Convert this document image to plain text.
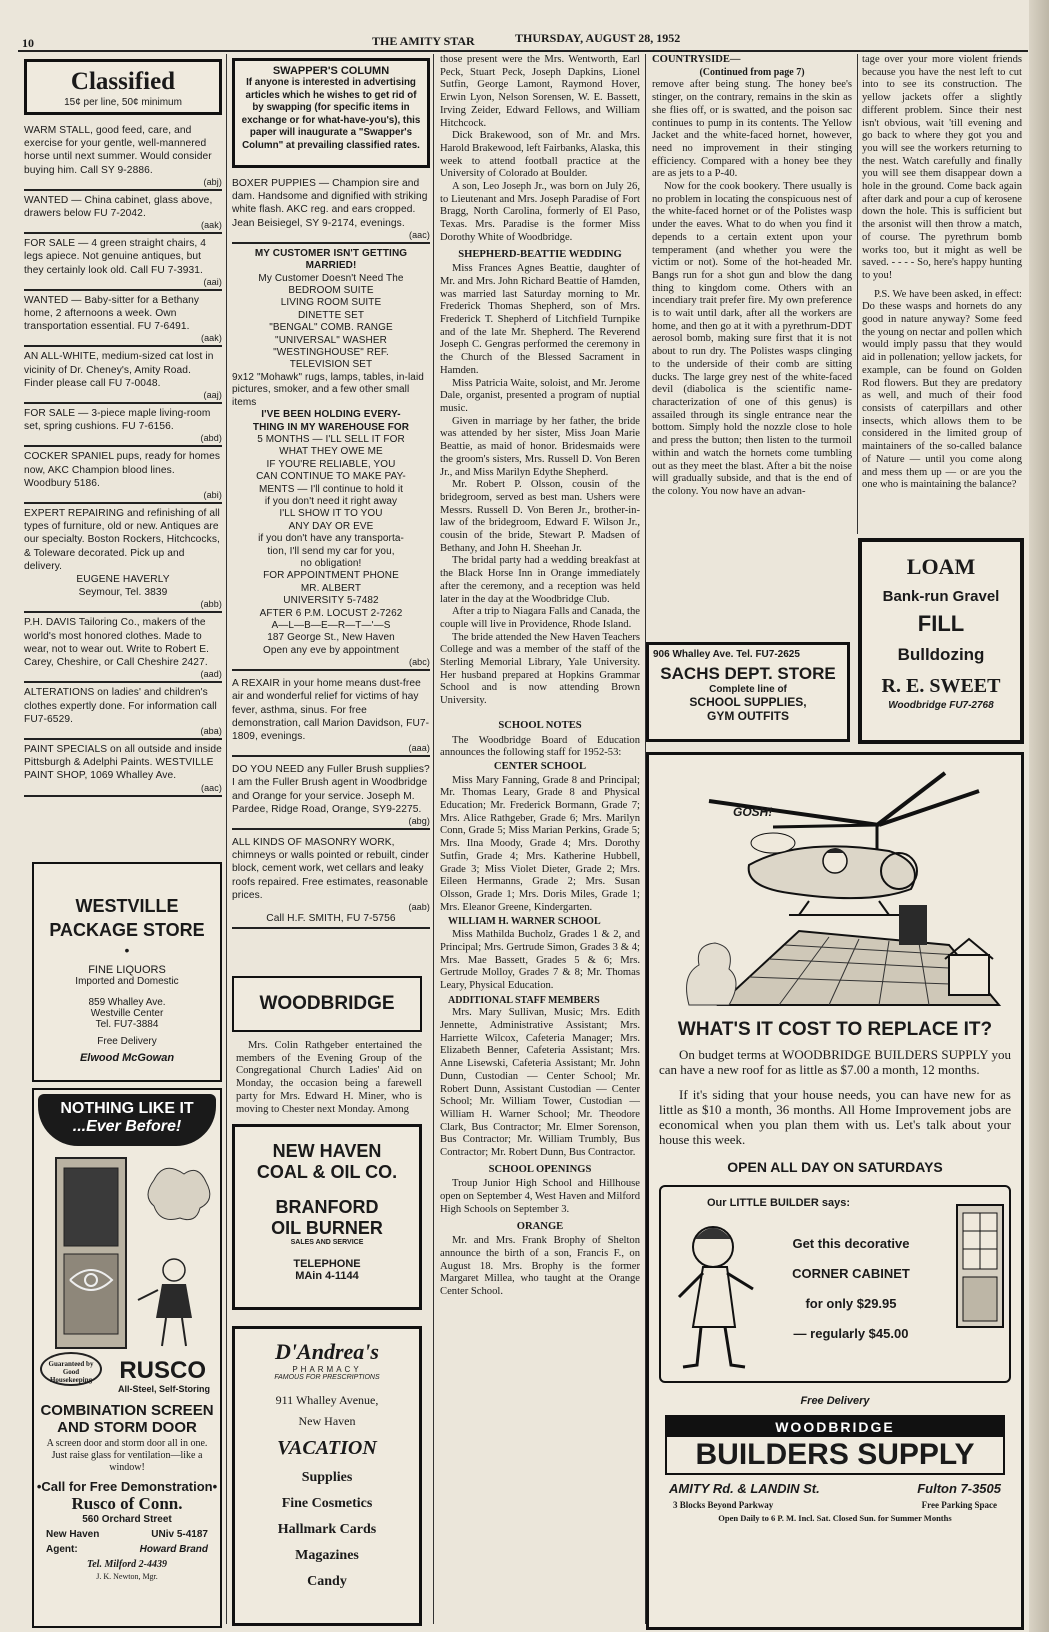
10	THE AMITY STAR	THURSDAY, AUGUST 28, 1952
Classified
15¢ per line, 50¢ minimum
WARM STALL, good feed, care, and exercise for your gentle, well-mannered horse until next summer. Would consider buying him. Call SY 9-2886.
(abj)
WANTED — China cabinet, glass above, drawers below FU 7-2042.
(aak)
FOR SALE — 4 green straight chairs, 4 legs apiece. Not genuine antiques, but they certainly look old. Call FU 7-3931.
(aai)
WANTED — Baby-sitter for a Bethany home, 2 afternoons a week. Own transportation essential. FU 7-6491.
(aak)
AN ALL-WHITE, medium-sized cat lost in vicinity of Dr. Cheney's, Amity Road. Finder please call FU 7-0048.
(aaj)
FOR SALE — 3-piece maple living-room set, spring cushions. FU 7-6156.
(abd)
COCKER SPANIEL pups, ready for homes now, AKC Champion blood lines. Woodbury 5186.
(abi)
EXPERT REPAIRING and refinishing of all types of furniture, old or new. Antiques are our specialty. Boston Rockers, Hitchcocks, & Toleware decorated. Pick up and delivery.
EUGENE HAVERLY
Seymour, Tel. 3839
(abb)
P.H. DAVIS Tailoring Co., makers of the world's most honored clothes. Made to wear, not to wear out. Write to Robert E. Carey, Cheshire, or Call Cheshire 2427.
(aad)
ALTERATIONS on ladies' and children's clothes expertly done. For information call FU7-6529.
(aba)
PAINT SPECIALS on all outside and inside Pittsburgh & Adelphi Paints. WESTVILLE PAINT SHOP, 1069 Whalley Ave.
(aac)
WESTVILLE
PACKAGE STORE
•
FINE LIQUORS
Imported and Domestic
859 Whalley Ave.
Westville Center
Tel. FU7-3884
Free Delivery
Elwood McGowan
NOTHING LIKE IT
...Ever Before!
Guaranteed by Good Housekeeping	RUSCO
All-Steel, Self-Storing
COMBINATION SCREEN
AND STORM DOOR
A screen door and storm door all in one. Just raise glass for ventilation—like a window!
•Call for Free Demonstration•
Rusco of Conn.
560 Orchard Street
New Haven	UNiv 5-4187
Agent:	Howard Brand
Tel. Milford 2-4439
J. K. Newton, Mgr.
SWAPPER'S COLUMN
If anyone is interested in advertising articles which he wishes to get rid of by swapping (for specific items in exchange or for what-have-you's), this paper will inaugurate a "Swapper's Column" at prevailing classified rates.
BOXER PUPPIES — Champion sire and dam. Handsome and dignified with striking white flash. AKC reg. and ears cropped. Jean Beisiegel, SY 9-2174, evenings.
(aac)
MY CUSTOMER ISN'T GETTING
MARRIED!
My Customer Doesn't Need The
BEDROOM SUITE
LIVING ROOM SUITE
DINETTE SET
"BENGAL" COMB. RANGE
"UNIVERSAL" WASHER
"WESTINGHOUSE" REF.
TELEVISION SET
9x12 "Mohawk" rugs, lamps, tables, in-laid pictures, smoker, and a few other small items
I'VE BEEN HOLDING EVERY-
THING IN MY WAREHOUSE FOR
5 MONTHS — I'LL SELL IT FOR
WHAT THEY OWE ME
IF YOU'RE RELIABLE, YOU
CAN CONTINUE TO MAKE PAY-
MENTS — I'll continue to hold it
if you don't need it right away
I'LL SHOW IT TO YOU
ANY DAY OR EVE
if you don't have any transporta-
tion, I'll send my car for you,
no obligation!
FOR APPOINTMENT PHONE
MR. ALBERT
UNIVERSITY 5-7482
AFTER 6 P.M. LOCUST 2-7262
A—L—B—E—R—T—'—S
187 George St., New Haven
Open any eve by appointment
(abc)
A REXAIR in your home means dust-free air and wonderful relief for victims of hay fever, asthma, sinus. For free demonstration, call Marion Davidson, FU7-1809, evenings.
(aaa)
DO YOU NEED any Fuller Brush supplies? I am the Fuller Brush agent in Woodbridge and Orange for your service. Joseph M. Pardee, Ridge Road, Orange, SY9-2275.
(abg)
ALL KINDS OF MASONRY WORK, chimneys or walls pointed or rebuilt, cinder block, cement work, wet cellars and leaky roofs repaired. Free estimates, reasonable prices.
(aab)
Call H.F. SMITH, FU 7-5756
WOODBRIDGE

Mrs. Colin Rathgeber entertained the members of the Evening Group of the Congregational Church Ladies' Aid on Monday, the occasion being a farewell party for Mrs. Edward H. Miner, who is moving to Chester next Monday. Among

NEW HAVEN
COAL & OIL CO.
BRANFORD
OIL BURNER
SALES AND SERVICE
TELEPHONE
MAin 4-1144
D'Andrea's
PHARMACY
FAMOUS FOR PRESCRIPTIONS
911 Whalley Avenue,
New Haven
VACATION
Supplies
Fine Cosmetics
Hallmark Cards
Magazines
Candy

those present were the Mrs. Wentworth, Earl Peck, Stuart Peck, Joseph Dapkins, Lionel Sutfin, George Lamont, Raymond Hover, Erwin Lyon, Nelson Sorensen, W. E. Bassett, Irving Zeider, Edward Fellows, and William Hitchcock.

Dick Brakewood, son of Mr. and Mrs. Harold Brakewood, left Fairbanks, Alaska, this week to attend football practice at the University of Colorado at Boulder.

A son, Leo Joseph Jr., was born on July 26, to Lieutenant and Mrs. Joseph Paradise of Fort Bragg, North Carolina, formerly of El Paso, Texas. Mrs. Paradise is the former Miss Dorothy White of Woodbridge.

SHEPHERD-BEATTIE WEDDING

Miss Frances Agnes Beattie, daughter of Mr. and Mrs. John Richard Beattie of Hamden, was married last Saturday morning to Mr. Frederick Thomas Shepherd, son of Mrs. Frederick T. Shepherd of Litchfield Turnpike and of the late Mr. Shepherd. The Reverend Joseph C. Gengras performed the ceremony in the Church of the Blessed Sacrament in Hamden.

Miss Patricia Waite, soloist, and Mr. Jerome Dale, organist, presented a program of nuptial music.

Given in marriage by her father, the bride was attended by her sister, Miss Joan Marie Beattie, as maid of honor. Bridesmaids were the groom's sisters, Mrs. Russell D. Von Beren Jr., and Miss Marilyn Edythe Shepherd.

Mr. Robert P. Olsson, cousin of the bridegroom, served as best man. Ushers were Messrs. Russell D. Von Beren Jr., brother-in-law of the bridegroom, Edward F. Wilson Jr., cousin of the bride, Stewart P. Madsen of Bethany, and John H. Sheehan Jr.

The bridal party had a wedding breakfast at the Black Horse Inn in Orange immediately after the ceremony, and a reception was held later in the day at the Woodbridge Club.

After a trip to Niagara Falls and Canada, the couple will live in Providence, Rhode Island.

The bride attended the New Haven Teachers College and was a member of the staff of the Sterling Memorial Library, Yale University. Her husband prepared at Hopkins Grammar School and is now attending Brown University.

SCHOOL NOTES

The Woodbridge Board of Education announces the following staff for 1952-53:

CENTER SCHOOL

Miss Mary Fanning, Grade 8 and Principal; Mr. Thomas Leary, Grade 8 and Physical Education; Mr. Frederick Bormann, Grade 7; Mrs. Alice Rathgeber, Grade 6; Mrs. Marilyn Conn, Grade 5; Miss Marian Perkins, Grade 5; Mrs. Ilna Moody, Grade 4; Mrs. Dorothy Sutfin, Grade 4; Mrs. Katherine Hubbell, Grade 3; Miss Violet Dieter, Grade 2; Mrs. Eileen Hermanns, Grade 2; Mrs. Susan Olsson, Grade 1; Mrs. Doris Miles, Grade 1; Mrs. Eleanor Greene, Kindergarten.

WILLIAM H. WARNER SCHOOL

Miss Mathilda Bucholz, Grades 1 & 2, and Principal; Mrs. Gertrude Simon, Grades 3 & 4; Mrs. Mae Bassett, Grades 5 & 6; Mrs. Gertrude Molloy, Grades 7 & 8; Mr. Thomas Leary, Physical Education.

ADDITIONAL STAFF MEMBERS

Mrs. Mary Sullivan, Music; Mrs. Edith Jennette, Administrative Assistant; Mrs. Harriette Wilcox, Cafeteria Manager; Mrs. Elizabeth Benner, Cafeteria Assistant; Mrs. Anne Lisewski, Cafeteria Assistant; Mr. John Dunn, Custodian — Center School; Mr. Robert Dunn, Assistant Custodian — Center School; Mr. William Tower, Custodian — William H. Warner School; Mr. Theodore Clark, Bus Contractor; Mr. Elmer Sorenson, Bus Contractor; Mr. William Trumbly, Bus Contractor; Mr. Robert Dunn, Bus Contractor.

SCHOOL OPENINGS

Troup Junior High School and Hillhouse open on September 4, West Haven and Milford High Schools on September 3.

ORANGE

Mr. and Mrs. Frank Brophy of Shelton announce the birth of a son, Francis F., on August 18. Mrs. Brophy is the former Margaret Millea, who taught at the Orange Center School.

COUNTRYSIDE—
(Continued from page 7)

remove after being stung. The honey bee's stinger, on the contrary, remains in the skin as she flies off, or is swatted, and the poison sac continues to pump in its contents. The Yellow Jacket and the white-faced hornet, however, need no improvement in their stinging efficiency. Compared with a honey bee they are as jets to a P-40.

Now for the cook bookery. There usually is no problem in locating the conspicuous nest of the white-faced hornet or of the Polistes wasp under the eaves. What to do when you find it depends to a certain extent upon your temperament (and whether you were the victim or not). Some of the hot-headed Mr. Bangs run for a shot gun and blow the dang thing to kingdom come. Others with an incendiary trait prefer fire. My own preference is to wait until dark, after all the workers are home, and then go at it with a pyrethrum-DDT aerosol bomb, making sure first that it is not about to run dry. The Polistes wasps clinging to the underside of their comb are sitting ducks. The large grey nest of the white-faced devil (diabolica is the scientific name-characterization of one of this genus) is assailed through its single entrance near the bottom. Simply hold the nozzle close to hole and press the button; then listen to the turmoil within and watch the hornets come tumbling out as they meet the blast. After a bit the noise will gradually subside, and that is the end of the colony. You now have an advan-

tage over your more violent friends because you have the nest left to cut into to see its construction. The yellow jackets offer a slightly different problem. Since their nest isn't obvious, wait 'till evening and go back to where they got you and you will see the workers returning to the nest. Watch carefully and finally you will see them disappear down a hole in the ground. Come back again after dark and pour a cup of kerosene down the hole. This is sufficient but the arsonist will then throw a match, of course. The pyrethrum bomb works too, but it might as well be saved. - - - - So, here's happy hunting to you!

P.S. We have been asked, in effect: Do these wasps and hornets do any good in nature anyway? Some feed the young on nectar and pollen which would imply passu that they would aid in pollenation; yellow jackets, for example, can be found on Golden Rod flowers. But they are predatory as well, and much of their food consists of caterpillars and other insects, which allows them to be considered in the limited group of maintainers of the so-called balance of Nature — until you come along and mess them up — or are you the one who is maintaining the balance?

LOAM
Bank-run Gravel
FILL
Bulldozing
R. E. SWEET
Woodbridge FU7-2768
906 Whalley Ave. Tel. FU7-2625
SACHS DEPT. STORE
Complete line of
SCHOOL SUPPLIES,
GYM OUTFITS
GOSH!
WHAT'S IT COST TO REPLACE IT?
On budget terms at WOODBRIDGE BUILDERS SUPPLY you can have a new roof for as little as $7.00 a month, 12 months.
If it's siding that your house needs, you can have new for as little as $10 a month, 36 months. All Home Improvement jobs are economical when you plan them with us. Let's talk about your house this week.
OPEN ALL DAY ON SATURDAYS
Our LITTLE BUILDER says:
Get this decorative
CORNER CABINET
for only $29.95
— regularly $45.00
Free Delivery
WOODBRIDGE
BUILDERS SUPPLY
AMITY Rd. & LANDIN St.	Fulton 7-3505
3 Blocks Beyond Parkway	Free Parking Space
Open Daily to 6 P. M. Incl. Sat. Closed Sun. for Summer Months
